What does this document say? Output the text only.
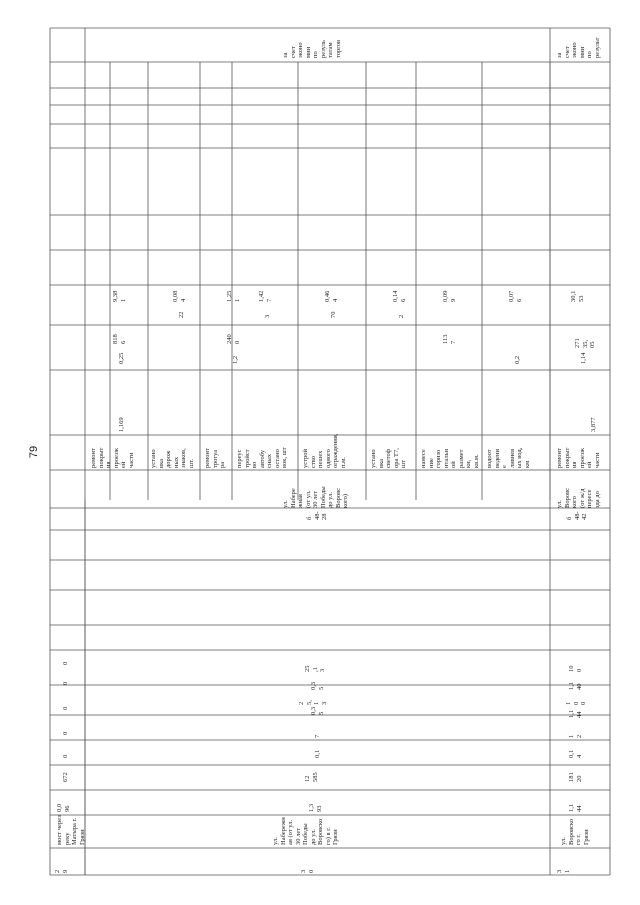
79
за
счет
эконо
мии
по
резуль
татам
торгов	за
счет
эконо
мии
по
результ
2
9
мост через
реку
Матыра г.
Грязи
0,0
96
672
0
0
0
0
0
3
0
ул.
Набережн
ая (от ул.
30 лет
Победы
до ул.
Воровско
го) в г.
Грязи
1,3
93
12
585
0,1
7
0,3
5
2
5,
1
3
0,3
5
25
,1
3
б
48-
28
ул.
Набере
жная
(от ул.
30 лет
Победы
до ул.
Воровс
кого)
ремонт
покрыт
ия
проезж
ей
части
1,169
0,25
818
6
9,38
1
устано
вка
дорож
ных
знаков,
шт.
22
0,08
4
ремонт
тротуа
ра
1,2
240
0
1,25
1
переус
тройст
во
автобу
сных
остано
вок, шт
3
1,42
7
устрой
ство
пешех
одного
ограждения,
п.м.
70
0,46
4
устано
вка
светоф
ора Т7,
шт
2
0,14
6
нанесе
ние
горизо
нтальн
ой
размет
ки,
кв.м.
113
7
0,09
9
водоот
ведени
е
ливнев
ых вод,
км
0,2
0,07
6
3
1
ул.
Воровско
го г.
Грязи
1,1
44
181
20
0,1
4
1
2
1,1
44
1
0
0
1,1
40
10
0
б
48-
42
ул.
Воровс
кого
(от ж/д
пересе
зда до
ремонт
покрыт
ия
проезж
ей
части
3,877
1,14
271
35,
05
30,1
53
